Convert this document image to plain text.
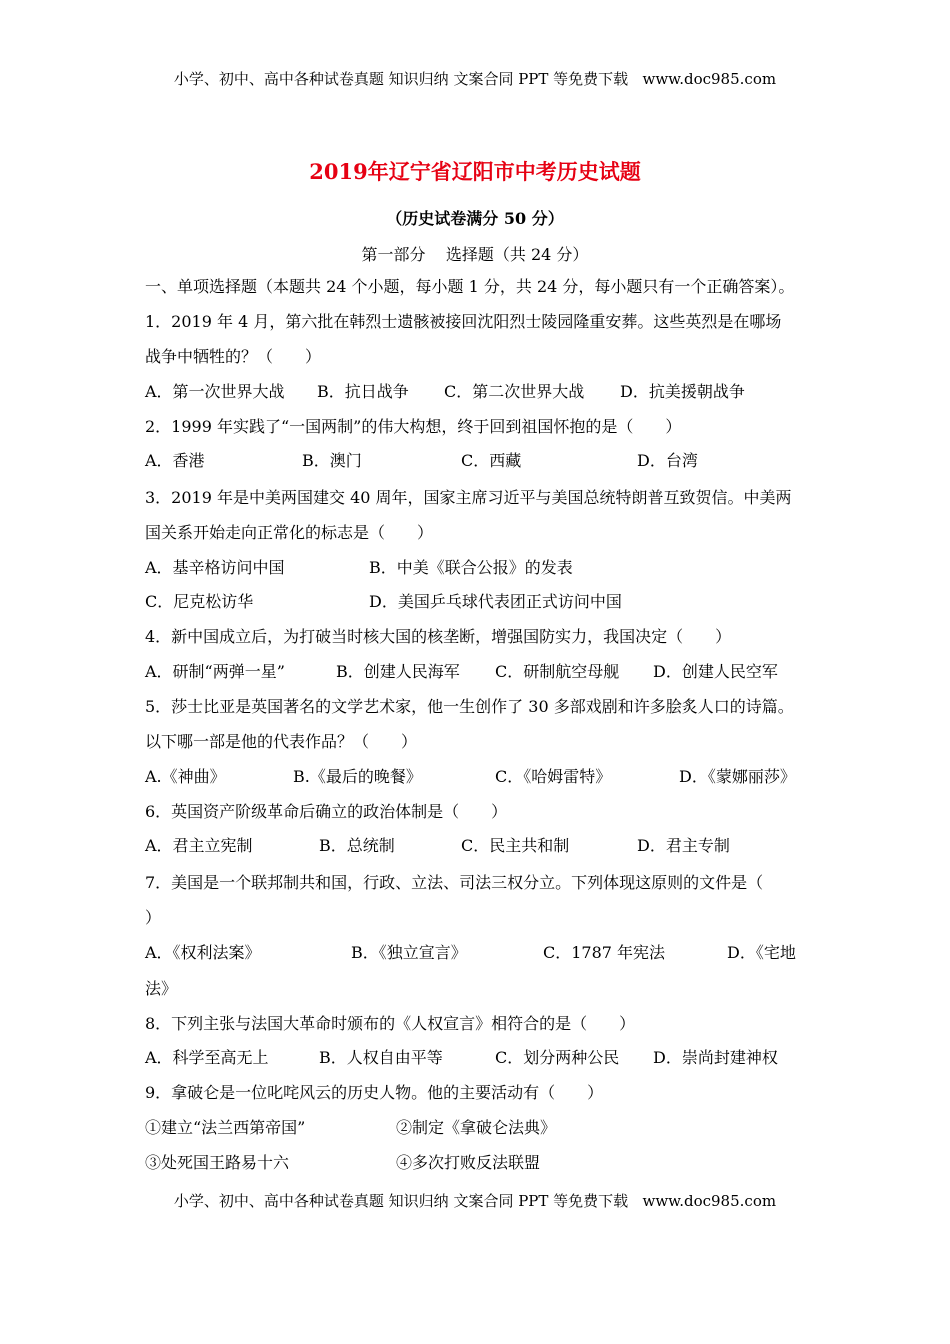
小学、初中、高中各种试卷真题 知识归纳 文案合同 PPT 等免费下载   www.doc985.com
2019年辽宁省辽阳市中考历史试题
（历史试卷满分 50 分）
第一部分    选择题（共 24 分）
一、单项选择题（本题共 24 个小题，每小题 1 分，共 24 分，每小题只有一个正确答案）。
1．2019 年 4 月，第六批在韩烈士遗骸被接回沈阳烈士陵园隆重安葬。这些英烈是在哪场
战争中牺牲的？（　　）
A．第一次世界大战 B．抗日战争 C．第二次世界大战 D．抗美援朝战争
2．1999 年实践了“一国两制”的伟大构想，终于回到祖国怀抱的是（　　）
A．香港	B．澳门	C．西藏	D．台湾
3．2019 年是中美两国建交 40 周年，国家主席习近平与美国总统特朗普互致贺信。中美两
国关系开始走向正常化的标志是（　　）
A．基辛格访问中国	B．中美《联合公报》的发表
C．尼克松访华	D．美国乒乓球代表团正式访问中国
4．新中国成立后，为打破当时核大国的核垄断，增强国防实力，我国决定（　　）
A．研制“两弹一星”	B．创建人民海军 C．研制航空母舰 D．创建人民空军
5．莎士比亚是英国著名的文学艺术家，他一生创作了 30 多部戏剧和许多脍炙人口的诗篇。
以下哪一部是他的代表作品？（　　）
A.《神曲》	B.《最后的晚餐》	C．《哈姆雷特》	D．《蒙娜丽莎》
6．英国资产阶级革命后确立的政治体制是（　　）
A．君主立宪制	B．总统制	C．民主共和制	D．君主专制
7．美国是一个联邦制共和国，行政、立法、司法三权分立。下列体现这原则的文件是（
）
A．《权利法案》	B．《独立宣言》	C．1787 年宪法	D．《宅地
法》
8．下列主张与法国大革命时颁布的《人权宣言》相符合的是（　　）
A．科学至高无上	B．人权自由平等	C．划分两种公民 D．崇尚封建神权
9．拿破仑是一位叱咤风云的历史人物。他的主要活动有（　　）
①建立“法兰西第帝国”	②制定《拿破仑法典》
③处死国王路易十六	④多次打败反法联盟
小学、初中、高中各种试卷真题 知识归纳 文案合同 PPT 等免费下载   www.doc985.com
